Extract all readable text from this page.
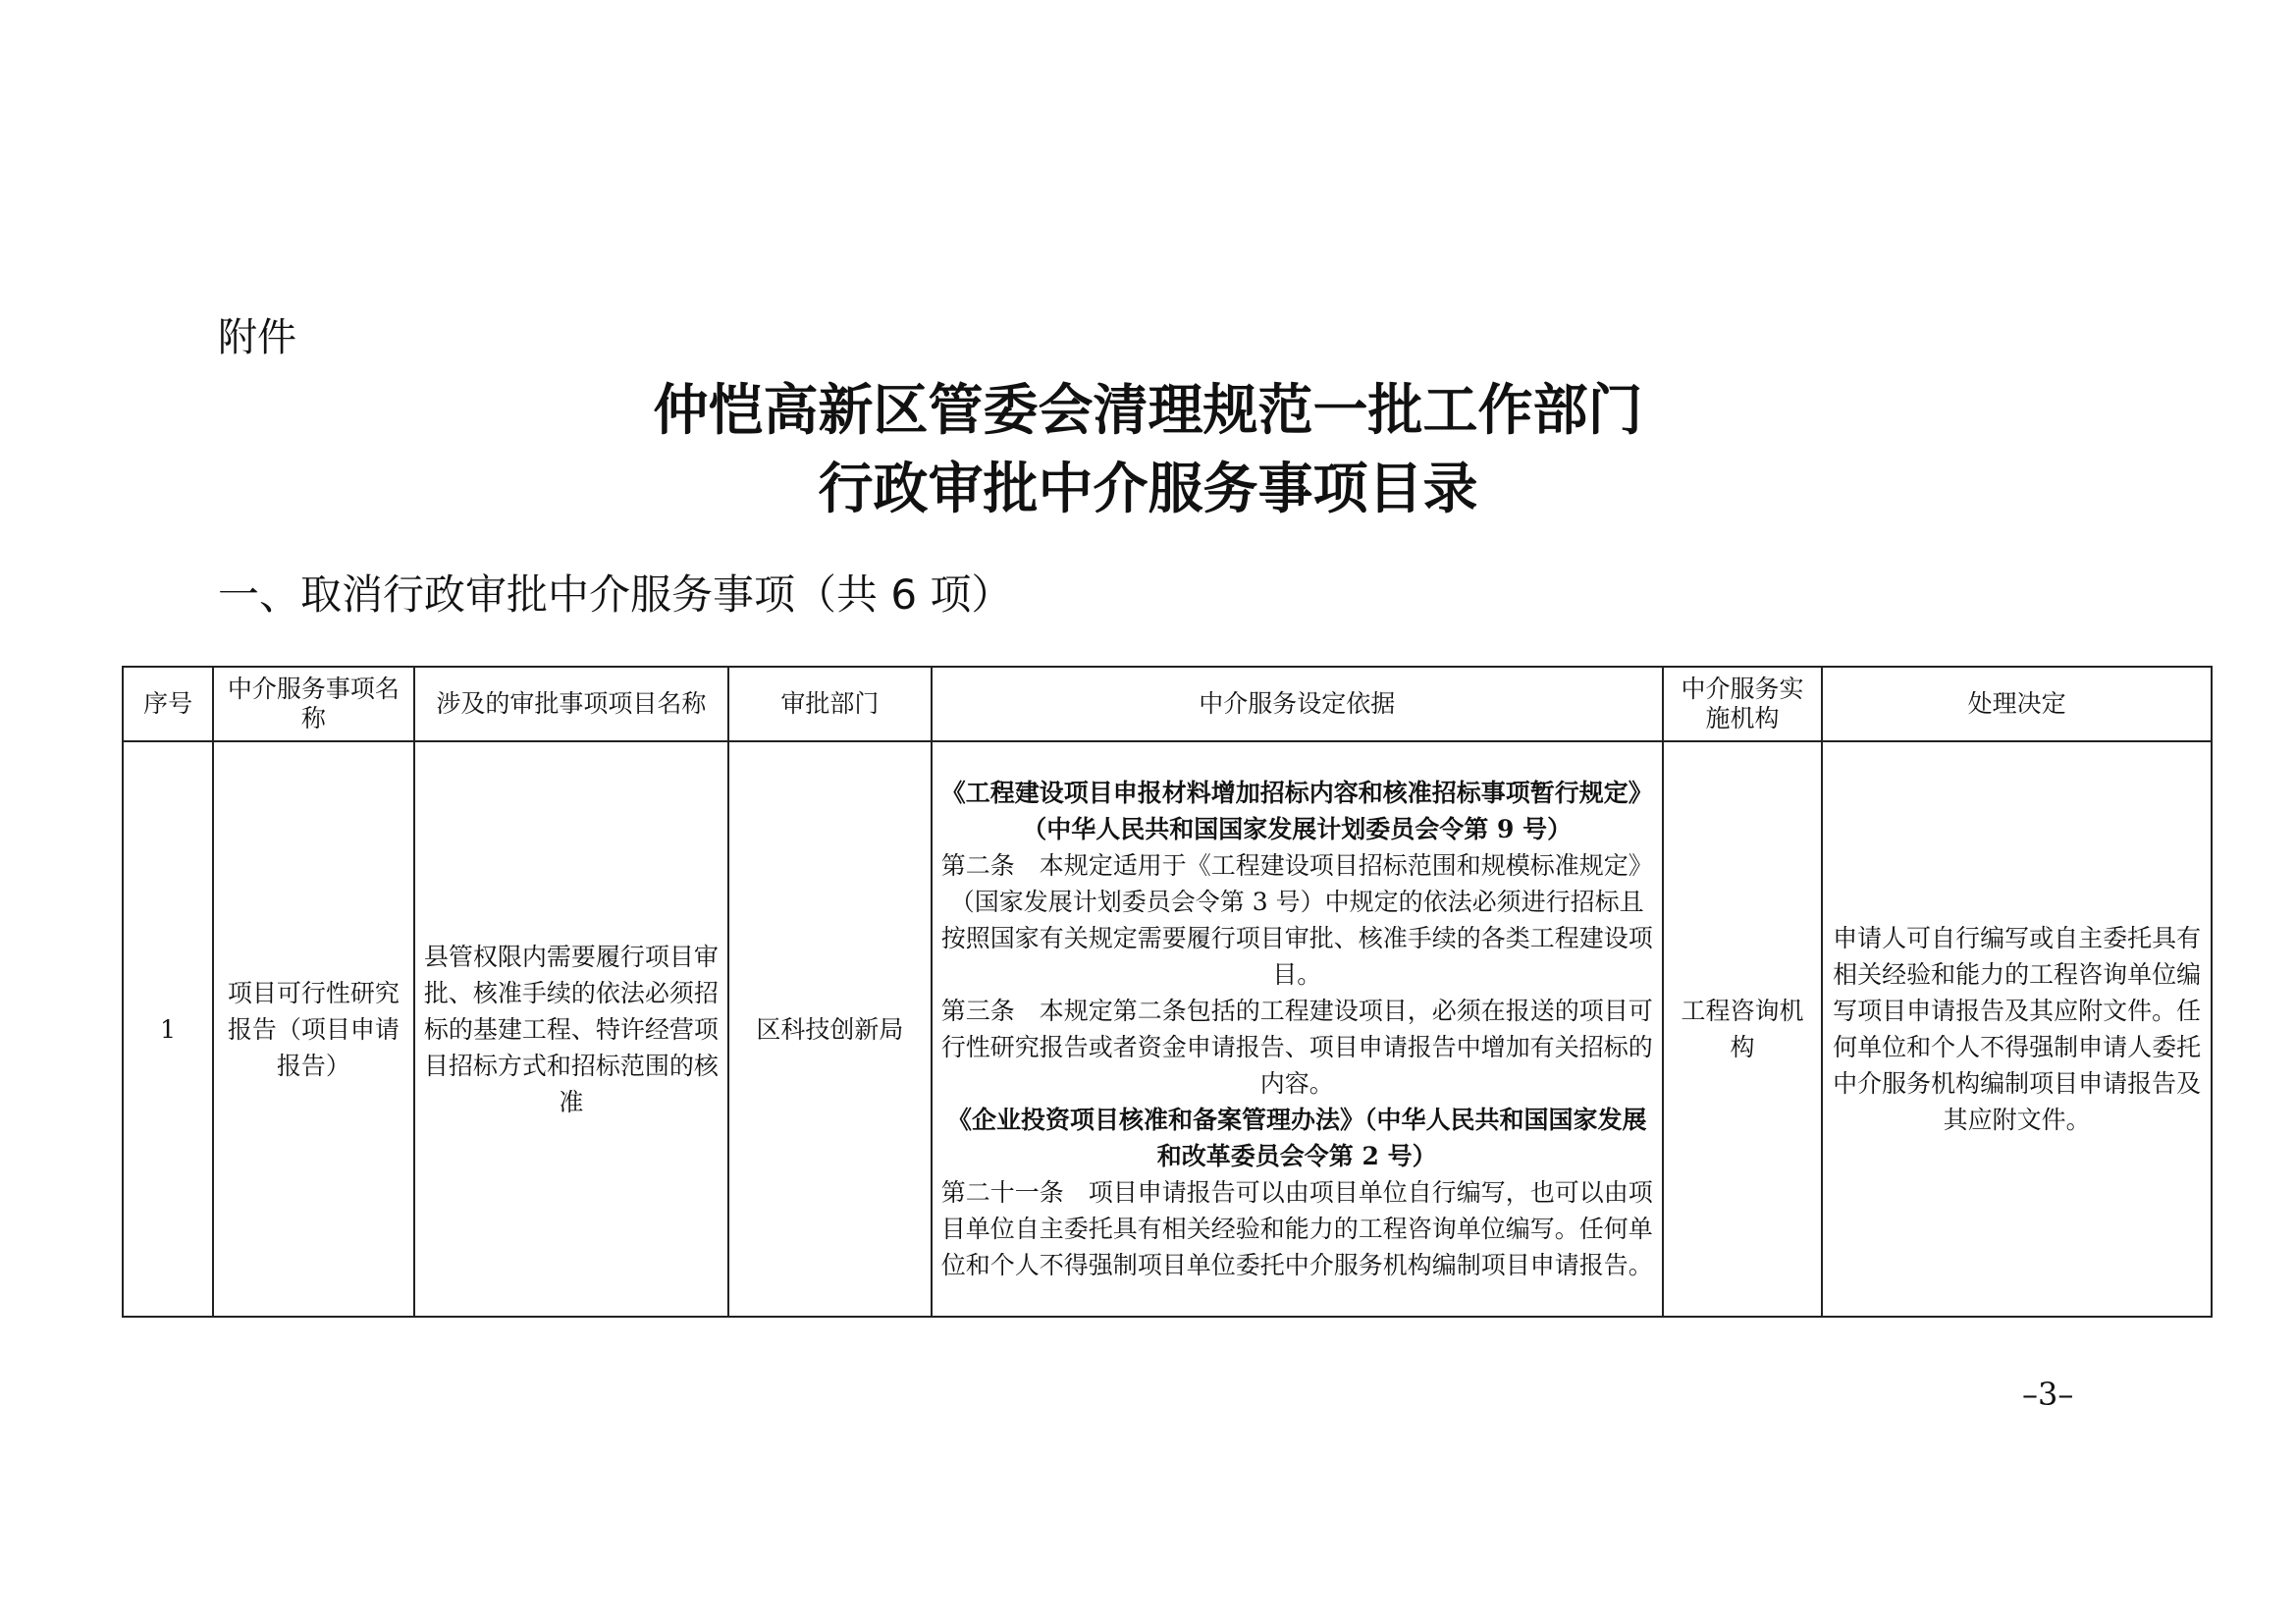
附件
仲恺高新区管委会清理规范一批工作部门
行政审批中介服务事项目录
一、取消行政审批中介服务事项（共 6 项）
序号	中介服务事项名称	涉及的审批事项项目名称	审批部门	中介服务设定依据	中介服务实施机构	处理决定
1	项目可行性研究报告（项目申请报告）	县管权限内需要履行项目审批、核准手续的依法必须招标的基建工程、特许经营项目招标方式和招标范围的核准	区科技创新局	《工程建设项目申报材料增加招标内容和核准招标事项暂行规定》（中华人民共和国国家发展计划委员会令第 9 号）
第二条　本规定适用于《工程建设项目招标范围和规模标准规定》（国家发展计划委员会令第 3 号）中规定的依法必须进行招标且按照国家有关规定需要履行项目审批、核准手续的各类工程建设项目。
第三条　本规定第二条包括的工程建设项目，必须在报送的项目可行性研究报告或者资金申请报告、项目申请报告中增加有关招标的内容。
《企业投资项目核准和备案管理办法》（中华人民共和国国家发展和改革委员会令第 2 号）
第二十一条　项目申请报告可以由项目单位自行编写，也可以由项目单位自主委托具有相关经验和能力的工程咨询单位编写。任何单位和个人不得强制项目单位委托中介服务机构编制项目申请报告。	工程咨询机构	申请人可自行编写或自主委托具有相关经验和能力的工程咨询单位编写项目申请报告及其应附文件。任何单位和个人不得强制申请人委托中介服务机构编制项目申请报告及其应附文件。
–3–
